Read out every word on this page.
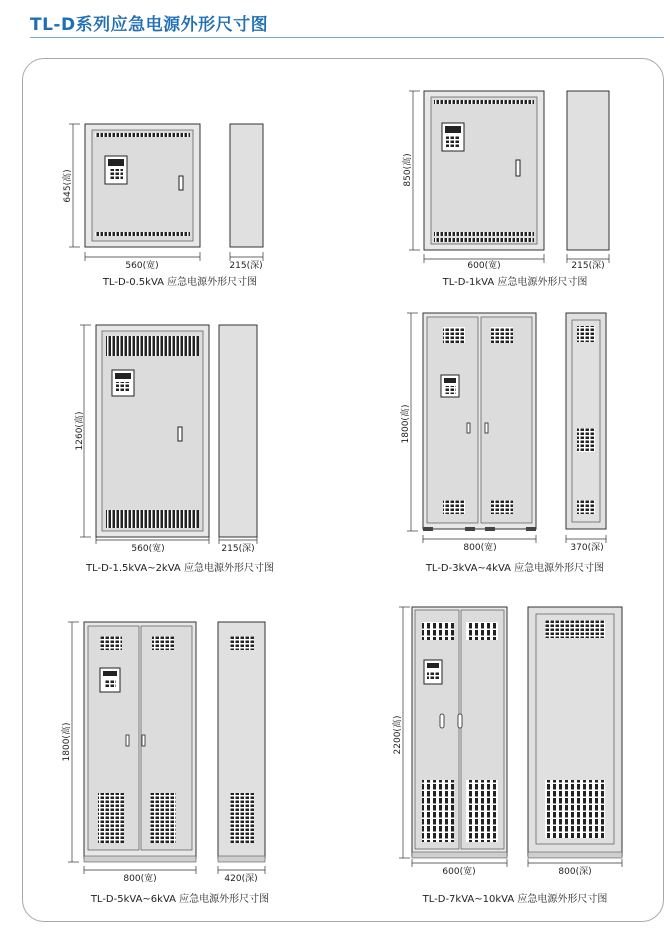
TL-D系列应急电源外形尺寸图
645(高)
560(宽)	215(深)
TL-D-0.5kVA 应急电源外形尺寸图
850(高)
600(宽)	215(深)
TL-D-1kVA 应急电源外形尺寸图
1260(高)
560(宽)	215(深)
TL-D-1.5kVA~2kVA 应急电源外形尺寸图
1800(高)
800(宽)	370(深)
TL-D-3kVA~4kVA 应急电源外形尺寸图
1800(高)
800(宽)	420(深)
TL-D-5kVA~6kVA 应急电源外形尺寸图
2200(高)
600(宽)	800(深)
TL-D-7kVA~10kVA 应急电源外形尺寸图
